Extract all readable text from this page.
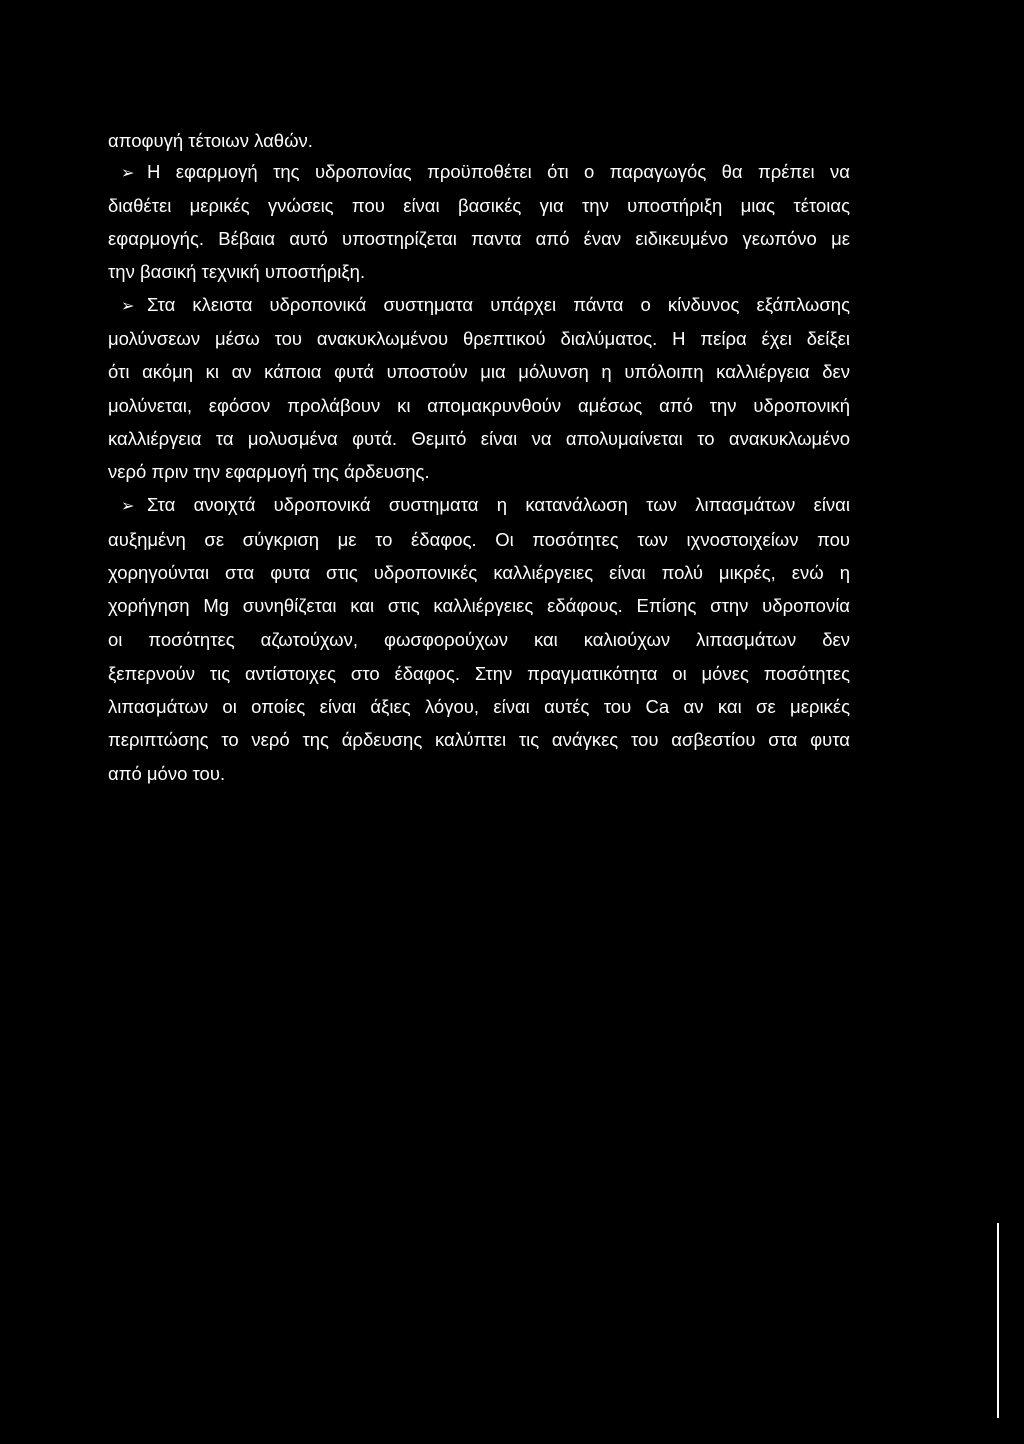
αποφυγή τέτοιων λαθών.
➢ Η εφαρμογή της υδροπονίας προϋποθέτει ότι ο παραγωγός θα πρέπει να
διαθέτει μερικές γνώσεις που είναι βασικές για την υποστήριξη μιας τέτοιας
εφαρμογής. Βέβαια αυτό υποστηρίζεται παντα από έναν ειδικευμένο γεωπόνο με
την βασική τεχνική υποστήριξη.
➢ Στα κλειστα υδροπονικά συστηματα υπάρχει πάντα ο κίνδυνος εξάπλωσης
μολύνσεων μέσω του ανακυκλωμένου θρεπτικού διαλύματος. Η πείρα έχει δείξει
ότι ακόμη κι αν κάποια φυτά υποστούν μια μόλυνση η υπόλοιπη καλλιέργεια δεν
μολύνεται, εφόσον προλάβουν κι απομακρυνθούν αμέσως από την υδροπονική
καλλιέργεια τα μολυσμένα φυτά. Θεμιτό είναι να απολυμαίνεται το ανακυκλωμένο
νερό πριν την εφαρμογή της άρδευσης.
➢ Στα ανοιχτά υδροπονικά συστηματα η κατανάλωση των λιπασμάτων είναι
αυξημένη σε σύγκριση με το έδαφος. Οι ποσότητες των ιχνοστοιχείων που
χορηγούνται στα φυτα στις υδροπονικές καλλιέργειες είναι πολύ μικρές, ενώ η
χορήγηση Mg συνηθίζεται και στις καλλιέργειες εδάφους. Επίσης στην υδροπονία
οι ποσότητες αζωτούχων, φωσφορούχων και καλιούχων λιπασμάτων δεν
ξεπερνούν τις αντίστοιχες στο έδαφος. Στην πραγματικότητα οι μόνες ποσότητες
λιπασμάτων οι οποίες είναι άξιες λόγου, είναι αυτές του Ca αν και σε μερικές
περιπτώσης το νερό της άρδευσης καλύπτει τις ανάγκες του ασβεστίου στα φυτα
από μόνο του.
